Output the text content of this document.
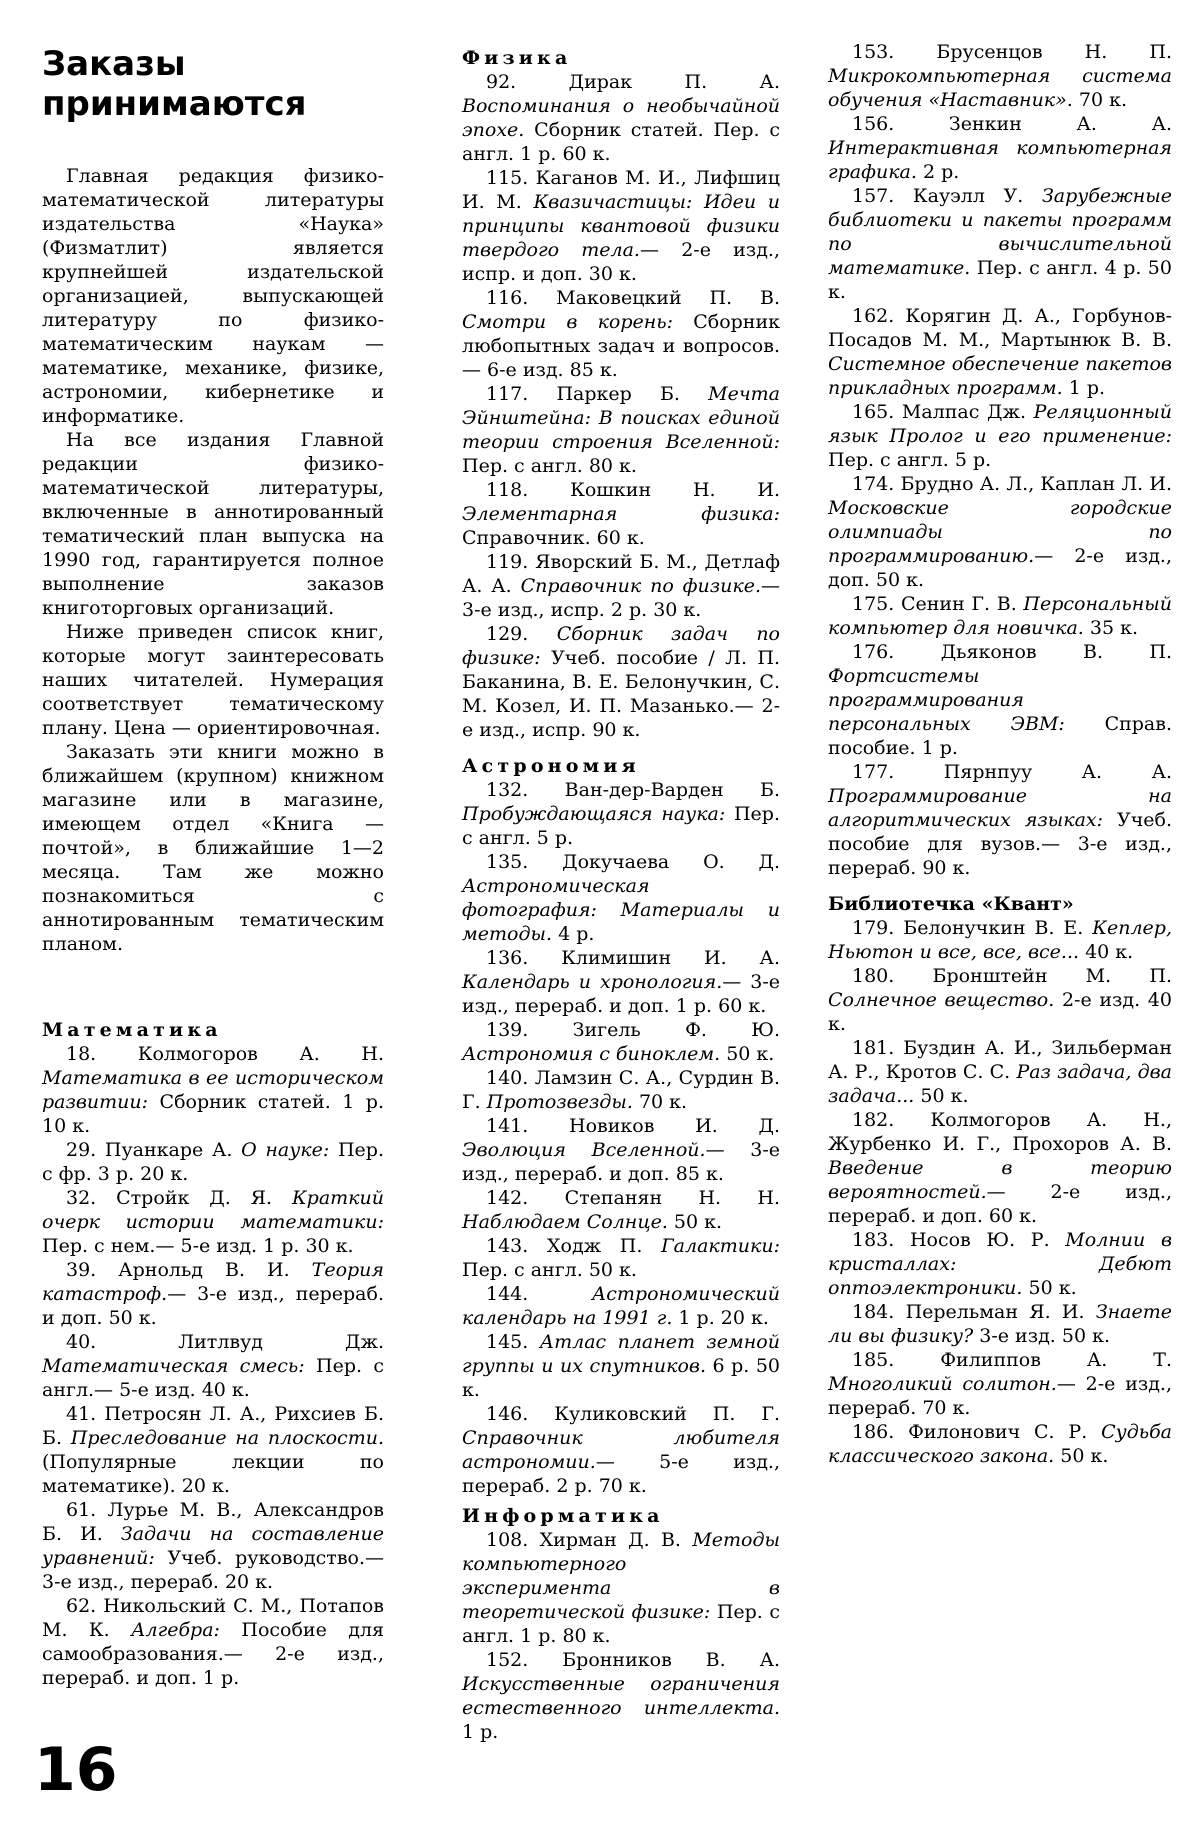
16
Заказы принимаются

Главная редакция физико-математической литературы издательства «Наука» (Физматлит) является крупнейшей издательской организацией, выпускающей литературу по физико-математическим наукам — математике, механике, физике, астрономии, кибернетике и информатике.

На все издания Главной редакции физико-математической литературы, включенные в аннотированный тематический план выпуска на 1990 год, гарантируется полное выполнение заказов книготорговых организаций.

Ниже приведен список книг, которые могут заинтересовать наших читателей. Нумерация соответствует тематическому плану. Цена — ориентировочная.

Заказать эти книги можно в ближайшем (крупном) книжном магазине или в магазине, имеющем отдел «Книга — почтой», в ближайшие 1—2 месяца. Там же можно познакомиться с аннотированным тематическим планом.

Математика

18. Колмогоров А. Н. Математика в ее историческом развитии: Сборник статей. 1 р. 10 к.

29. Пуанкаре А. О науке: Пер. с фр. 3 р. 20 к.

32. Стройк Д. Я. Краткий очерк истории математики: Пер. с нем.— 5-е изд. 1 р. 30 к.

39. Арнольд В. И. Теория катастроф.— 3-е изд., перераб. и доп. 50 к.

40. Литлвуд Дж. Математическая смесь: Пер. с англ.— 5-е изд. 40 к.

41. Петросян Л. А., Рихсиев Б. Б. Преследование на плоскости. (Популярные лекции по математике). 20 к.

61. Лурье М. В., Александров Б. И. Задачи на составление уравнений: Учеб. руководство.— 3-е изд., перераб. 20 к.

62. Никольский С. М., Потапов М. К. Алгебра: Пособие для самообразования.— 2-е изд., перераб. и доп. 1 р.

Физика

92. Дирак П. А. Воспоминания о необычайной эпохе. Сборник статей. Пер. с англ. 1 р. 60 к.

115. Каганов М. И., Лифшиц И. М. Квазичастицы: Идеи и принципы квантовой физики твердого тела.— 2-е изд., испр. и доп. 30 к.

116. Маковецкий П. В. Смотри в корень: Сборник любопытных задач и вопросов.— 6-е изд. 85 к.

117. Паркер Б. Мечта Эйнштейна: В поисках единой теории строения Вселенной: Пер. с англ. 80 к.

118. Кошкин Н. И. Элементарная физика: Справочник. 60 к.

119. Яворский Б. М., Детлаф А. А. Справочник по физике.— 3-е изд., испр. 2 р. 30 к.

129. Сборник задач по физике: Учеб. пособие / Л. П. Баканина, В. Е. Белонучкин, С. М. Козел, И. П. Мазанько.— 2-е изд., испр. 90 к.

Астрономия

132. Ван-дер-Варден Б. Пробуждающаяся наука: Пер. с англ. 5 р.

135. Докучаева О. Д. Астрономическая фотография: Материалы и методы. 4 р.

136. Климишин И. А. Календарь и хронология.— 3-е изд., перераб. и доп. 1 р. 60 к.

139. Зигель Ф. Ю. Астрономия с биноклем. 50 к.

140. Ламзин С. А., Сурдин В. Г. Протозвезды. 70 к.

141. Новиков И. Д. Эволюция Вселенной.— 3-е изд., перераб. и доп. 85 к.

142. Степанян Н. Н. Наблюдаем Солнце. 50 к.

143. Ходж П. Галактики: Пер. с англ. 50 к.

144.	Астрономический календарь на 1991 г. 1 р. 20 к.

145. Атлас планет земной группы и их спутников. 6 р. 50 к.

146. Куликовский П. Г. Справочник любителя астрономии.— 5-е изд., перераб. 2 р. 70 к.

Информатика

108. Хирман Д. В. Методы компьютерного эксперимента в теоретической физике: Пер. с англ. 1 р. 80 к.

152. Бронников В. А. Искусственные ограничения естественного интеллекта. 1 р.

153. Брусенцов Н. П. Микрокомпьютерная система обучения «Наставник». 70 к.

156. Зенкин А. А. Интерактивная компьютерная графика. 2 р.

157. Кауэлл У. Зарубежные библиотеки и пакеты программ по вычислительной математике. Пер. с англ. 4 р. 50 к.

162. Корягин Д. А., Горбунов-Посадов М. М., Мартынюк В. В. Системное обеспечение пакетов прикладных программ. 1 р.

165. Малпас Дж. Реляционный язык Пролог и его применение: Пер. с англ. 5 р.

174. Брудно А. Л., Каплан Л. И. Московские городские олимпиады по программированию.— 2-е изд., доп. 50 к.

175. Сенин Г. В. Персональный компьютер для новичка. 35 к.

176. Дьяконов В. П. Фортсистемы программирования персональных ЭВМ: Справ. пособие. 1 р.

177. Пярнпуу А. А. Программирование на алгоритмических языках: Учеб. пособие для вузов.— 3-е изд., перераб. 90 к.

Библиотечка «Квант»

179. Белонучкин В. Е. Кеплер, Ньютон и все, все, все... 40 к.

180. Бронштейн М. П. Солнечное вещество. 2-е изд. 40 к.

181. Буздин А. И., Зильберман А. Р., Кротов С. С. Раз задача, два задача... 50 к.

182. Колмогоров А. Н., Журбенко И. Г., Прохоров А. В. Введение в теорию вероятностей.— 2-е изд., перераб. и доп. 60 к.

183. Носов Ю. Р. Молнии в кристаллах: Дебют оптоэлектроники. 50 к.

184. Перельман Я. И. Знаете ли вы физику? 3-е изд. 50 к.

185. Филиппов А. Т. Многоликий солитон.— 2-е изд., перераб. 70 к.

186. Филонович С. Р. Судьба классического закона. 50 к.
